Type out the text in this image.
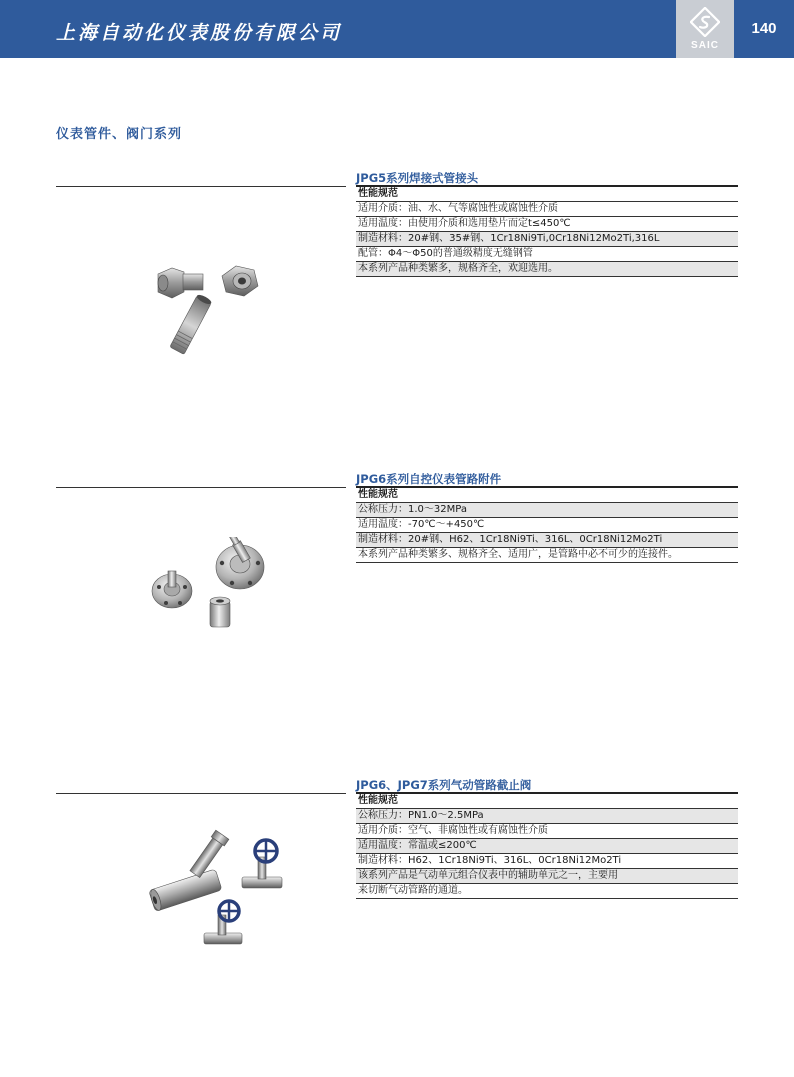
上海自动化仪表股份有限公司
SAIC
140
仪表管件、阀门系列
JPG5系列焊接式管接头
性能规范
适用介质：油、水、气等腐蚀性或腐蚀性介质
适用温度：由使用介质和选用垫片而定t≤450℃
制造材料：20#钢、35#钢、1Cr18Ni9Ti,0Cr18Ni12Mo2Ti,316L
配管：Φ4～Φ50的普通级精度无缝钢管
本系列产品种类繁多，规格齐全，欢迎选用。
JPG6系列自控仪表管路附件
性能规范
公称压力：1.0～32MPa
适用温度：-70℃～+450℃
制造材料：20#钢、H62、1Cr18Ni9Ti、316L、0Cr18Ni12Mo2Ti
本系列产品种类繁多、规格齐全、适用广，是管路中必不可少的连接件。
JPG6、JPG7系列气动管路截止阀
性能规范
公称压力：PN1.0～2.5MPa
适用介质：空气、非腐蚀性或有腐蚀性介质
适用温度：常温或≤200℃
制造材料：H62、1Cr18Ni9Ti、316L、0Cr18Ni12Mo2Ti
该系列产品是气动单元组合仪表中的辅助单元之一，主要用
来切断气动管路的通道。
